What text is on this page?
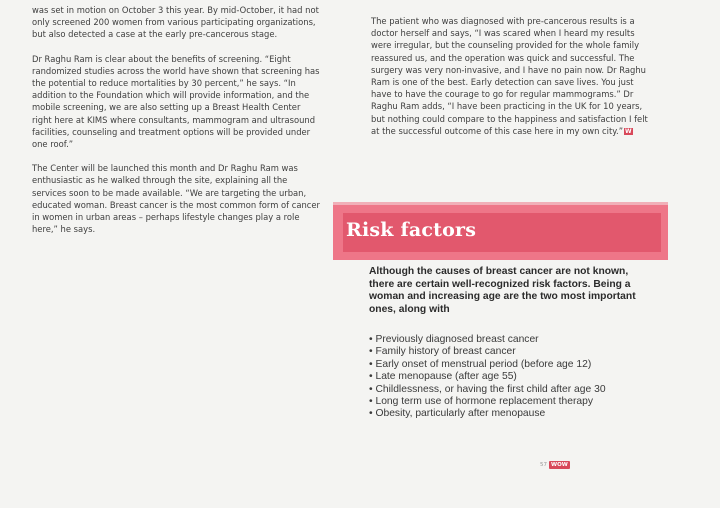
was set in motion on October 3 this year. By mid-October, it had not only screened 200 women from various participating organizations, but also detected a case at the early pre-cancerous stage.

Dr Raghu Ram is clear about the benefits of screening. “Eight randomized studies across the world have shown that screening has the potential to reduce mortalities by 30 percent,” he says. “In addition to the Foundation which will provide information, and the mobile screening, we are also setting up a Breast Health Center right here at KIMS where consultants, mammogram and ultrasound facilities, counseling and treatment options will be provided under one roof.”

The Center will be launched this month and Dr Raghu Ram was enthusiastic as he walked through the site, explaining all the services soon to be made available. “We are targeting the urban, educated woman. Breast cancer is the most common form of cancer in women in urban areas – perhaps lifestyle changes play a role here,” he says.

The patient who was diagnosed with pre-cancerous results is a doctor herself and says, “I was scared when I heard my results were irregular, but the counseling provided for the whole family reassured us, and the operation was quick and successful. The surgery was very non-invasive, and I have no pain now. Dr Raghu Ram is one of the best. Early detection can save lives. You just have to have the courage to go for regular mammograms.” Dr Raghu Ram adds, “I have been practicing in the UK for 10 years, but nothing could compare to the happiness and satisfaction I felt at the successful outcome of this case here in my own city.” W

Risk factors
Although the causes of breast cancer are not known, there are certain well-recognized risk factors. Being a woman and increasing age are the two most important ones, along with
• Previously diagnosed breast cancer
• Family history of breast cancer
• Early onset of menstrual period (before age 12)
• Late menopause (after age 55)
• Childlessness, or having the first child after age 30
• Long term use of hormone replacement therapy
• Obesity, particularly after menopause
57 WOW
